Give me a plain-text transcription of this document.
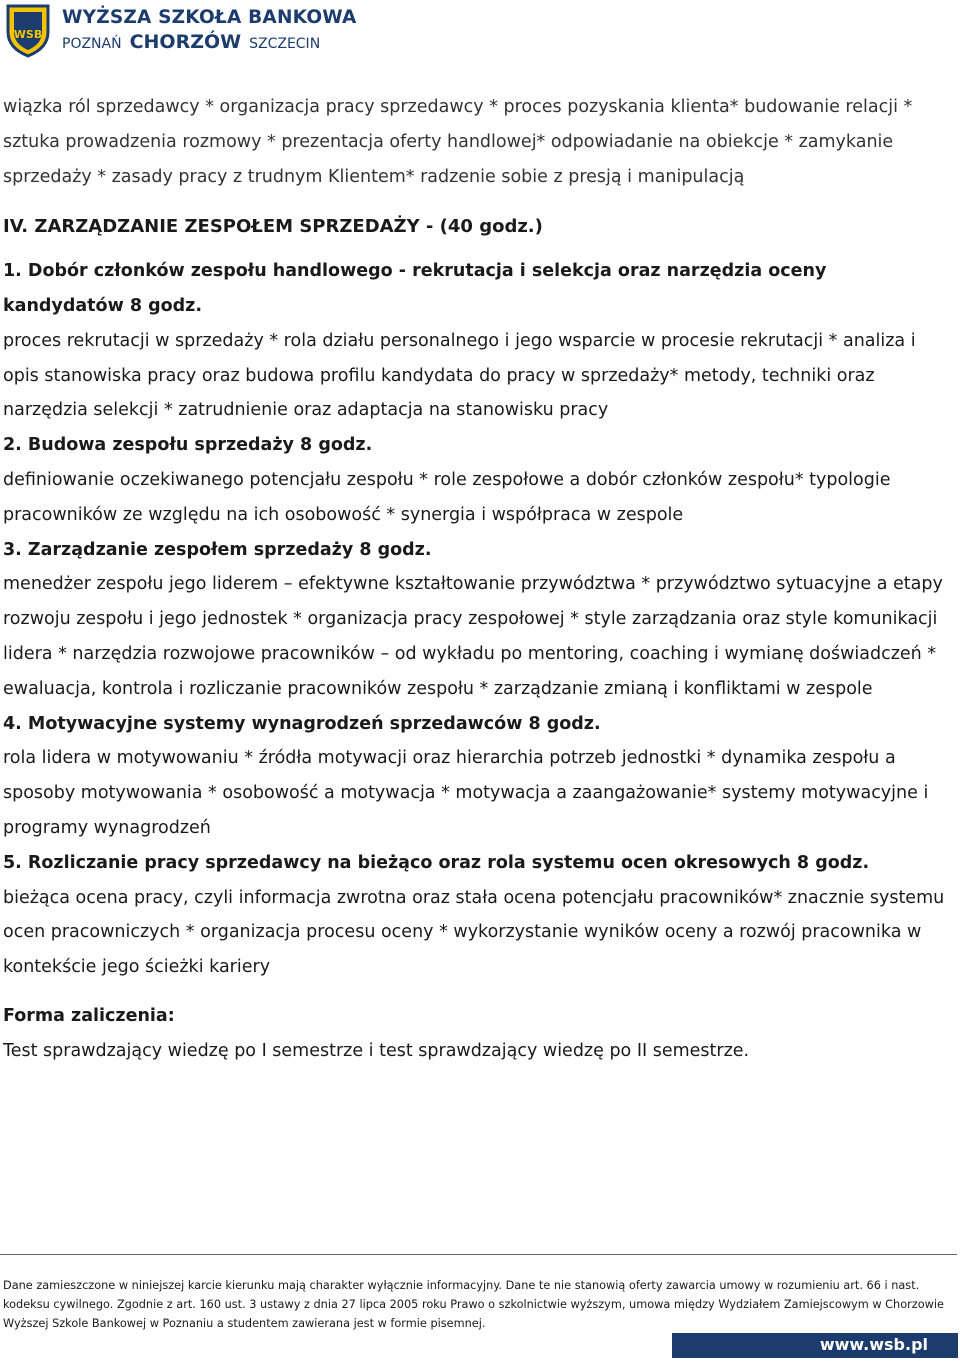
WSB
WYŻSZA SZKOŁA BANKOWA
POZNAŃ CHORZÓW SZCZECIN

wiązka ról sprzedawcy * organizacja pracy sprzedawcy * proces pozyskania klienta* budowanie relacji * sztuka prowadzenia rozmowy * prezentacja oferty handlowej* odpowiadanie na obiekcje * zamykanie sprzedaży * zasady pracy z trudnym Klientem* radzenie sobie z presją i manipulacją

IV. ZARZĄDZANIE ZESPOŁEM SPRZEDAŻY - (40 godz.)

1. Dobór członków zespołu handlowego - rekrutacja i selekcja oraz narzędzia oceny kandydatów 8 godz.

proces rekrutacji w sprzedaży * rola działu personalnego i jego wsparcie w procesie rekrutacji * analiza i opis stanowiska pracy oraz budowa profilu kandydata do pracy w sprzedaży* metody, techniki oraz narzędzia selekcji * zatrudnienie oraz adaptacja na stanowisku pracy

2. Budowa zespołu sprzedaży 8 godz.

definiowanie oczekiwanego potencjału zespołu * role zespołowe a dobór członków zespołu* typologie pracowników ze względu na ich osobowość * synergia i współpraca w zespole

3. Zarządzanie zespołem sprzedaży 8 godz.

menedżer zespołu jego liderem – efektywne kształtowanie przywództwa * przywództwo sytuacyjne a etapy rozwoju zespołu i jego jednostek * organizacja pracy zespołowej * style zarządzania oraz style komunikacji lidera * narzędzia rozwojowe pracowników – od wykładu po mentoring, coaching i wymianę doświadczeń * ewaluacja, kontrola i rozliczanie pracowników zespołu * zarządzanie zmianą i konfliktami w zespole

4. Motywacyjne systemy wynagrodzeń sprzedawców 8 godz.

rola lidera w motywowaniu * źródła motywacji oraz hierarchia potrzeb jednostki * dynamika zespołu a sposoby motywowania * osobowość a motywacja * motywacja a zaangażowanie* systemy motywacyjne i programy wynagrodzeń

5. Rozliczanie pracy sprzedawcy na bieżąco oraz rola systemu ocen okresowych 8 godz.

bieżąca ocena pracy, czyli informacja zwrotna oraz stała ocena potencjału pracowników* znacznie systemu ocen pracowniczych * organizacja procesu oceny * wykorzystanie wyników oceny a rozwój pracownika w kontekście jego ścieżki kariery

Forma zaliczenia:

Test sprawdzający wiedzę po I semestrze i test sprawdzający wiedzę po II semestrze.

Dane zamieszczone w niniejszej karcie kierunku mają charakter wyłącznie informacyjny. Dane te nie stanowią oferty zawarcia umowy w rozumieniu art. 66 i nast.

kodeksu cywilnego. Zgodnie z art. 160 ust. 3 ustawy z dnia 27 lipca 2005 roku Prawo o szkolnictwie wyższym, umowa między Wydziałem Zamiejscowym w Chorzowie

Wyższej Szkole Bankowej w Poznaniu a studentem zawierana jest w formie pisemnej.

www.wsb.pl
